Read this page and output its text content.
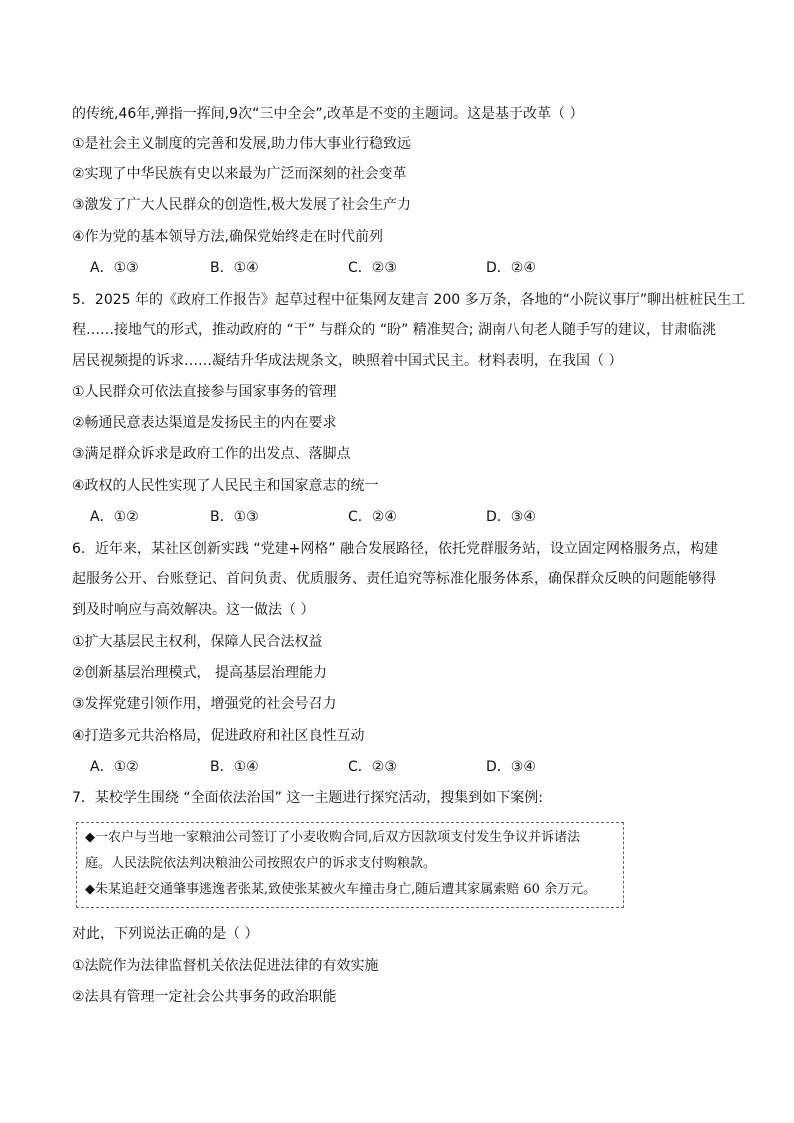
的传统,46年,弹指一挥间,9次“三中全会”,改革是不变的主题词。这是基于改革（ ）
①是社会主义制度的完善和发展,助力伟大事业行稳致远
②实现了中华民族有史以来最为广泛而深刻的社会变革
③激发了广大人民群众的创造性,极大发展了社会生产力
④作为党的基本领导方法,确保党始终走在时代前列
A．①③	B．①④	C．②③	D．②④
5．2025 年的《政府工作报告》起草过程中征集网友建言 200 多万条，各地的“小院议事厅”聊出桩桩民生工
程……接地气的形式，推动政府的 “干” 与群众的 “盼” 精准契合; 湖南八旬老人随手写的建议，甘肃临洮
居民视频提的诉求……凝结升华成法规条文，映照着中国式民主。材料表明，在我国（ ）
①人民群众可依法直接参与国家事务的管理
②畅通民意表达渠道是发扬民主的内在要求
③满足群众诉求是政府工作的出发点、落脚点
④政权的人民性实现了人民民主和国家意志的统一
A．①②	B．①③	C．②④	D．③④
6．近年来，某社区创新实践 “党建+网格” 融合发展路径，依托党群服务站，设立固定网格服务点，构建
起服务公开、台账登记、首问负责、优质服务、责任追究等标准化服务体系，确保群众反映的问题能够得
到及时响应与高效解决。这一做法（ ）
①扩大基层民主权利，保障人民合法权益
②创新基层治理模式， 提高基层治理能力
③发挥党建引领作用，增强党的社会号召力
④打造多元共治格局，促进政府和社区良性互动
A．①②	B．①④	C．②③	D．③④
7．某校学生围绕 “全面依法治国” 这一主题进行探究活动，搜集到如下案例:
◆一农户与当地一家粮油公司签订了小麦收购合同,后双方因款项支付发生争议并诉诸法
庭。人民法院依法判决粮油公司按照农户的诉求支付购粮款。
◆朱某追赶交通肇事逃逸者张某,致使张某被火车撞击身亡,随后遭其家属索赔 60 余万元。
对此，下列说法正确的是（ ）
①法院作为法律监督机关依法促进法律的有效实施
②法具有管理一定社会公共事务的政治职能
